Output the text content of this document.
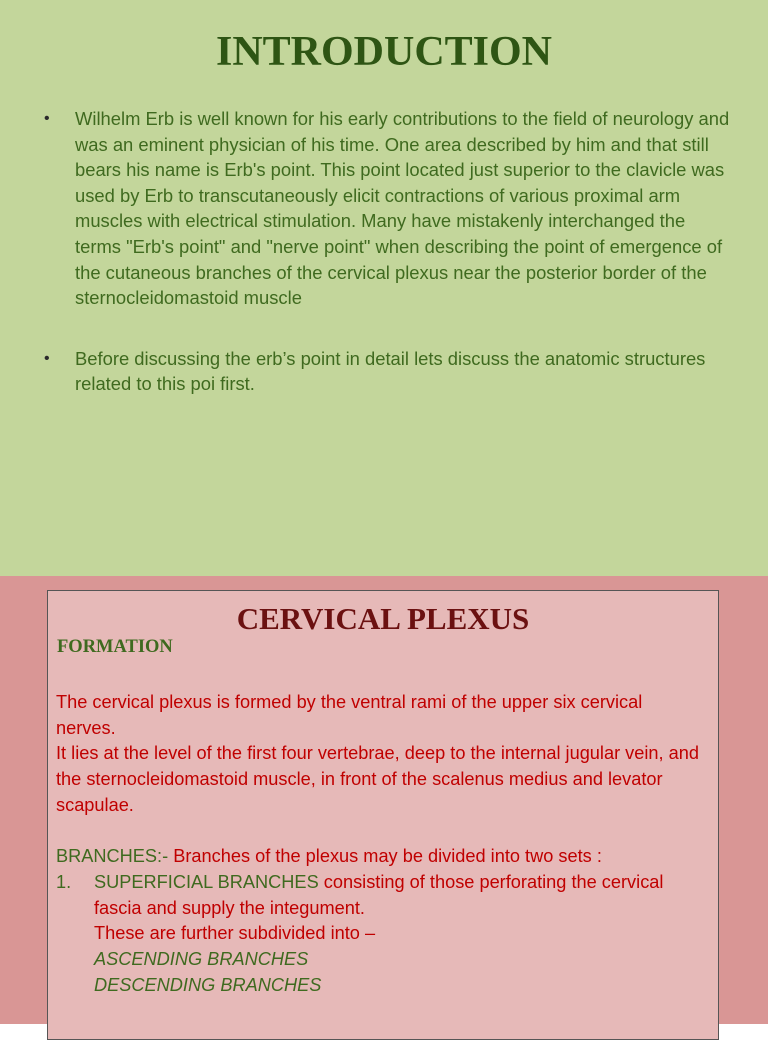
INTRODUCTION
• Wilhelm Erb is well known for his early contributions to the field of neurology and was an eminent physician of his time. One area described by him and that still bears his name is Erb's point. This point located just superior to the clavicle was used by Erb to transcutaneously elicit contractions of various proximal arm muscles with electrical stimulation. Many have mistakenly interchanged the terms "Erb's point" and "nerve point" when describing the point of emergence of the cutaneous branches of the cervical plexus near the posterior border of the sternocleidomastoid muscle
• Before discussing the erb’s point in detail lets discuss the anatomic structures related to this poi first.
CERVICAL PLEXUS
FORMATION

The cervical plexus is formed by the ventral rami of the upper six cervical nerves.

It lies at the level of the first four vertebrae, deep to the internal jugular vein, and the sternocleidomastoid muscle, in front of the scalenus medius and levator scapulae.

BRANCHES:- Branches of the plexus may be divided into two sets :

1. SUPERFICIAL BRANCHES consisting of those perforating the cervical fascia and supply the integument.

These are further subdivided into –

ASCENDING BRANCHES

DESCENDING BRANCHES
